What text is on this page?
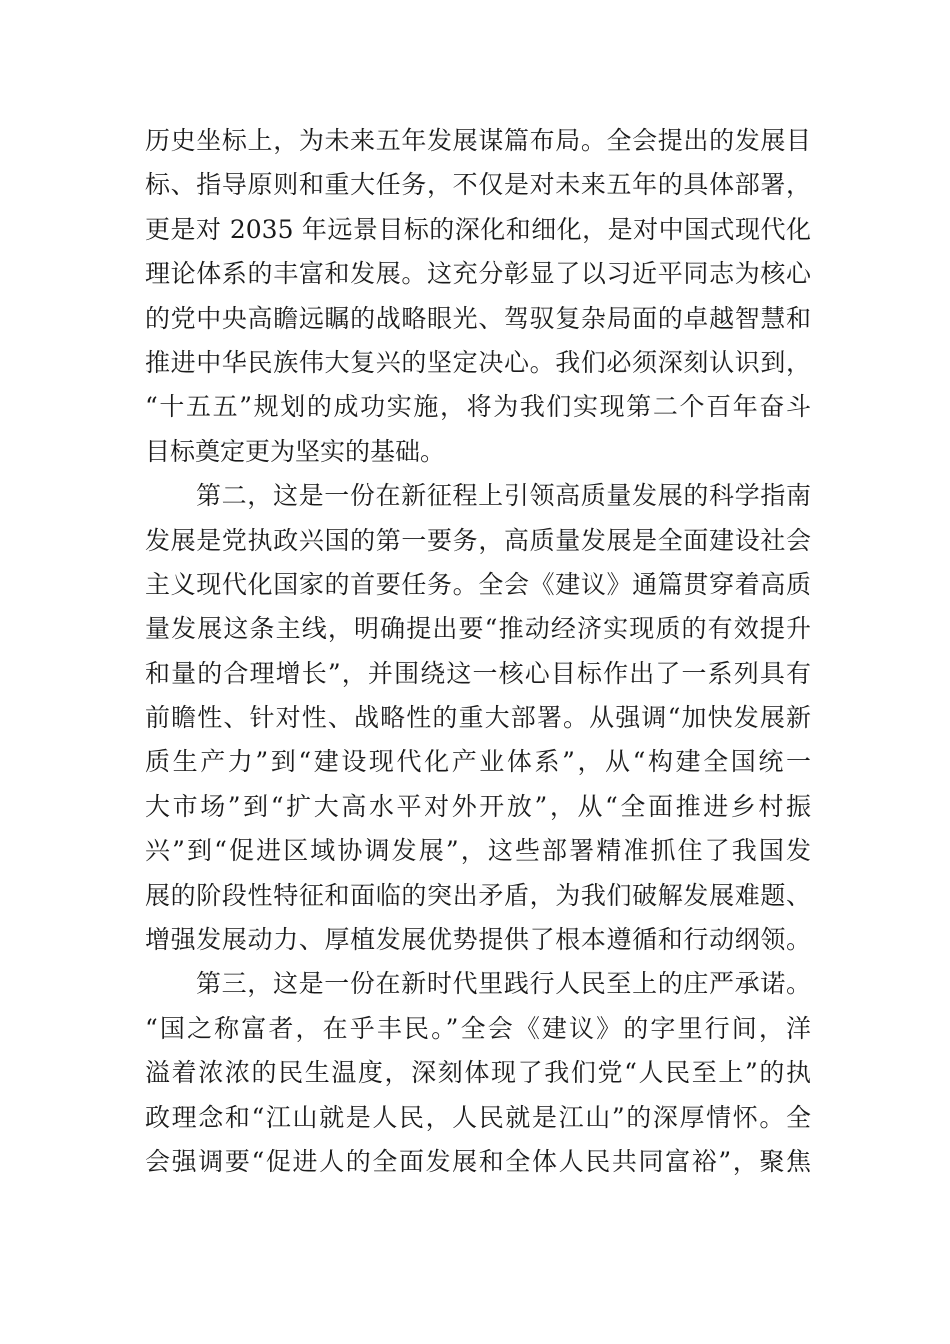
历史坐标上，为未来五年发展谋篇布局。全会提出的发展目
标、指导原则和重大任务，不仅是对未来五年的具体部署，
更是对 2035 年远景目标的深化和细化，是对中国式现代化
理论体系的丰富和发展。这充分彰显了以习近平同志为核心
的党中央高瞻远瞩的战略眼光、驾驭复杂局面的卓越智慧和
推进中华民族伟大复兴的坚定决心。我们必须深刻认识到，
“十五五”规划的成功实施，将为我们实现第二个百年奋斗
目标奠定更为坚实的基础。
第二，这是一份在新征程上引领高质量发展的科学指南
发展是党执政兴国的第一要务，高质量发展是全面建设社会
主义现代化国家的首要任务。全会《建议》通篇贯穿着高质
量发展这条主线，明确提出要“推动经济实现质的有效提升
和量的合理增长”，并围绕这一核心目标作出了一系列具有
前瞻性、针对性、战略性的重大部署。从强调“加快发展新
质生产力”到“建设现代化产业体系”，从“构建全国统一
大市场”到“扩大高水平对外开放”，从“全面推进乡村振
兴”到“促进区域协调发展”，这些部署精准抓住了我国发
展的阶段性特征和面临的突出矛盾，为我们破解发展难题、
增强发展动力、厚植发展优势提供了根本遵循和行动纲领。
第三，这是一份在新时代里践行人民至上的庄严承诺。
“国之称富者，在乎丰民。”全会《建议》的字里行间，洋
溢着浓浓的民生温度，深刻体现了我们党“人民至上”的执
政理念和“江山就是人民，人民就是江山”的深厚情怀。全
会强调要“促进人的全面发展和全体人民共同富裕”，聚焦
